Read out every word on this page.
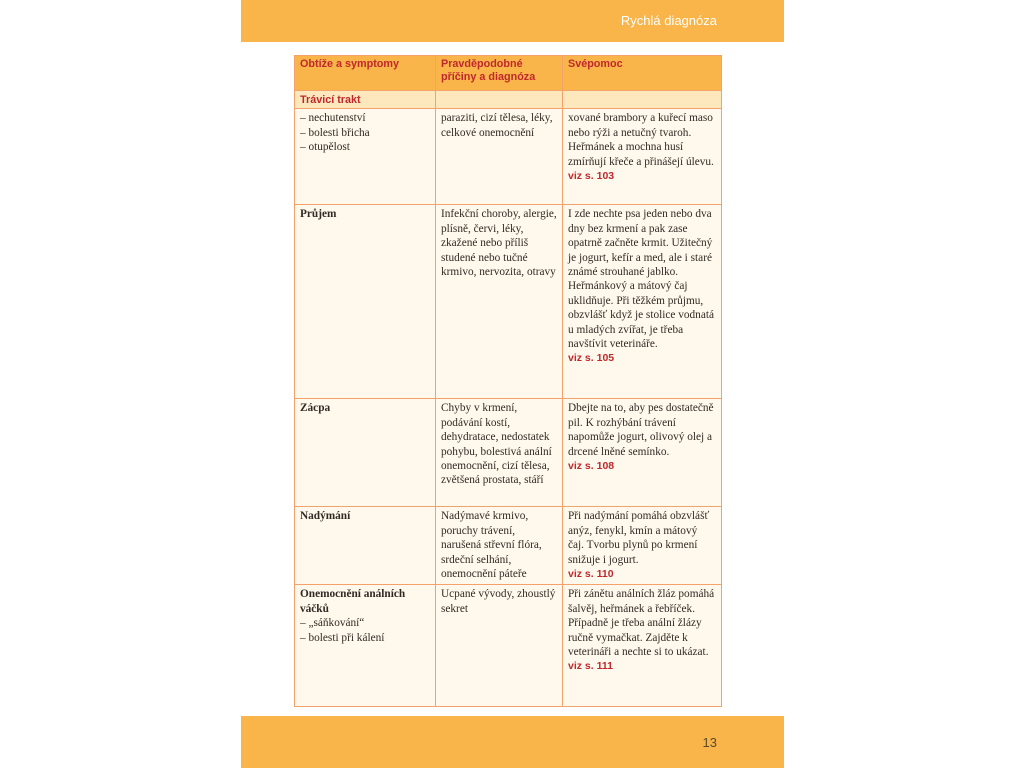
Rychlá diagnóza
Obtíže a symptomy	Pravděpodobné příčiny a diagnóza	Svépomoc
Trávicí trakt		

– nechutenství
– bolesti břicha
– otupělost	paraziti, cizí tělesa, léky, celkové onemocnění	xované brambory a kuřecí maso nebo rýži a netučný tvaroh. Heřmánek a mochna husí zmírňují křeče a přinášejí úlevu.
viz s. 103

Průjem	Infekční choroby, alergie, plísně, červi, léky, zkažené nebo příliš studené nebo tučné krmivo, nervozita, otravy	I zde nechte psa jeden nebo dva dny bez krmení a pak zase opatrně začněte krmit. Užitečný je jogurt, kefír a med, ale i staré známé strouhané jablko. Heřmánkový a mátový čaj uklidňuje. Při těžkém průjmu, obzvlášť když je stolice vodnatá u mladých zvířat, je třeba navštívit veterináře.
viz s. 105

Zácpa	Chyby v krmení, podávání kostí, dehydratace, nedostatek pohybu, bolestivá anální onemocnění, cizí tělesa, zvětšená prostata, stáří	Dbejte na to, aby pes dostatečně pil. K rozhýbání trávení napomůže jogurt, olivový olej a drcené lněné semínko.
viz s. 108

Nadýmání	Nadýmavé krmivo, poruchy trávení, narušená střevní flóra, srdeční selhání, onemocnění páteře	Při nadýmání pomáhá obzvlášť anýz, fenykl, kmín a mátový čaj. Tvorbu plynů po krmení snižuje i jogurt.
viz s. 110

Onemocnění análních váčků
– „sáňkování“
– bolesti při kálení	Ucpané vývody, zhoustlý sekret	Při zánětu análních žláz pomáhá šalvěj, heřmánek a řebříček. Případně je třeba anální žlázy ručně vymačkat. Zajděte k veterináři a nechte si to ukázat.
viz s. 111
13
